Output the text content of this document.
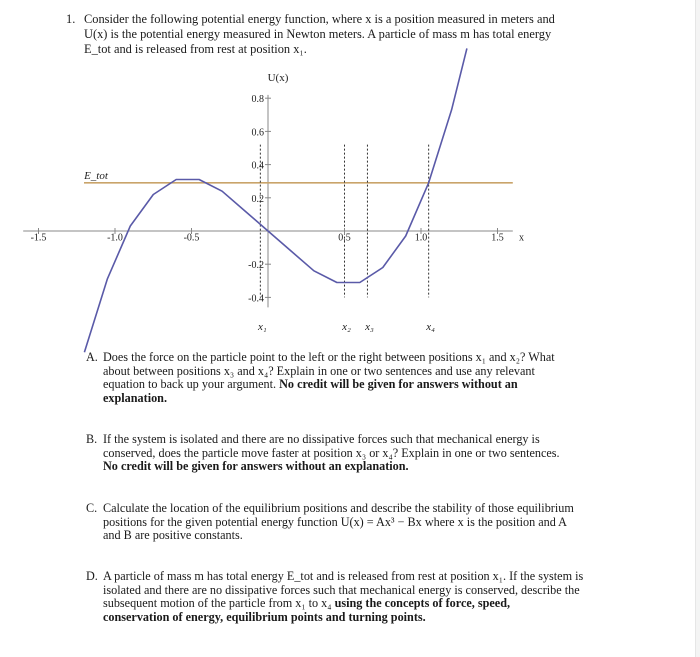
1. Consider the following potential energy function, where x is a position measured in meters and
U(x) is the potential energy measured in Newton meters. A particle of mass m has total energy
E_tot and is released from rest at position x₁.
E_tot
x₁	x₂ x₃	x₄
U(x)
-1.5	-1.0	-0.5	0.5	1.0	1.5 x
0.8
0.6
0.4
0.2
-0.2
-0.4
A. Does the force on the particle point to the left or the right between positions x₁ and x₂? What
about between positions x₃ and x₄? Explain in one or two sentences and use any relevant
equation to back up your argument. No credit will be given for answers without an
explanation.
B. If the system is isolated and there are no dissipative forces such that mechanical energy is
conserved, does the particle move faster at position x₃ or x₄? Explain in one or two sentences.
No credit will be given for answers without an explanation.
C. Calculate the location of the equilibrium positions and describe the stability of those equilibrium
positions for the given potential energy function U(x) = Ax³ − Bx where x is the position and A
and B are positive constants.
D. A particle of mass m has total energy E_tot and is released from rest at position x₁. If the system is
isolated and there are no dissipative forces such that mechanical energy is conserved, describe the
subsequent motion of the particle from x₁ to x₄ using the concepts of force, speed,
conservation of energy, equilibrium points and turning points.
